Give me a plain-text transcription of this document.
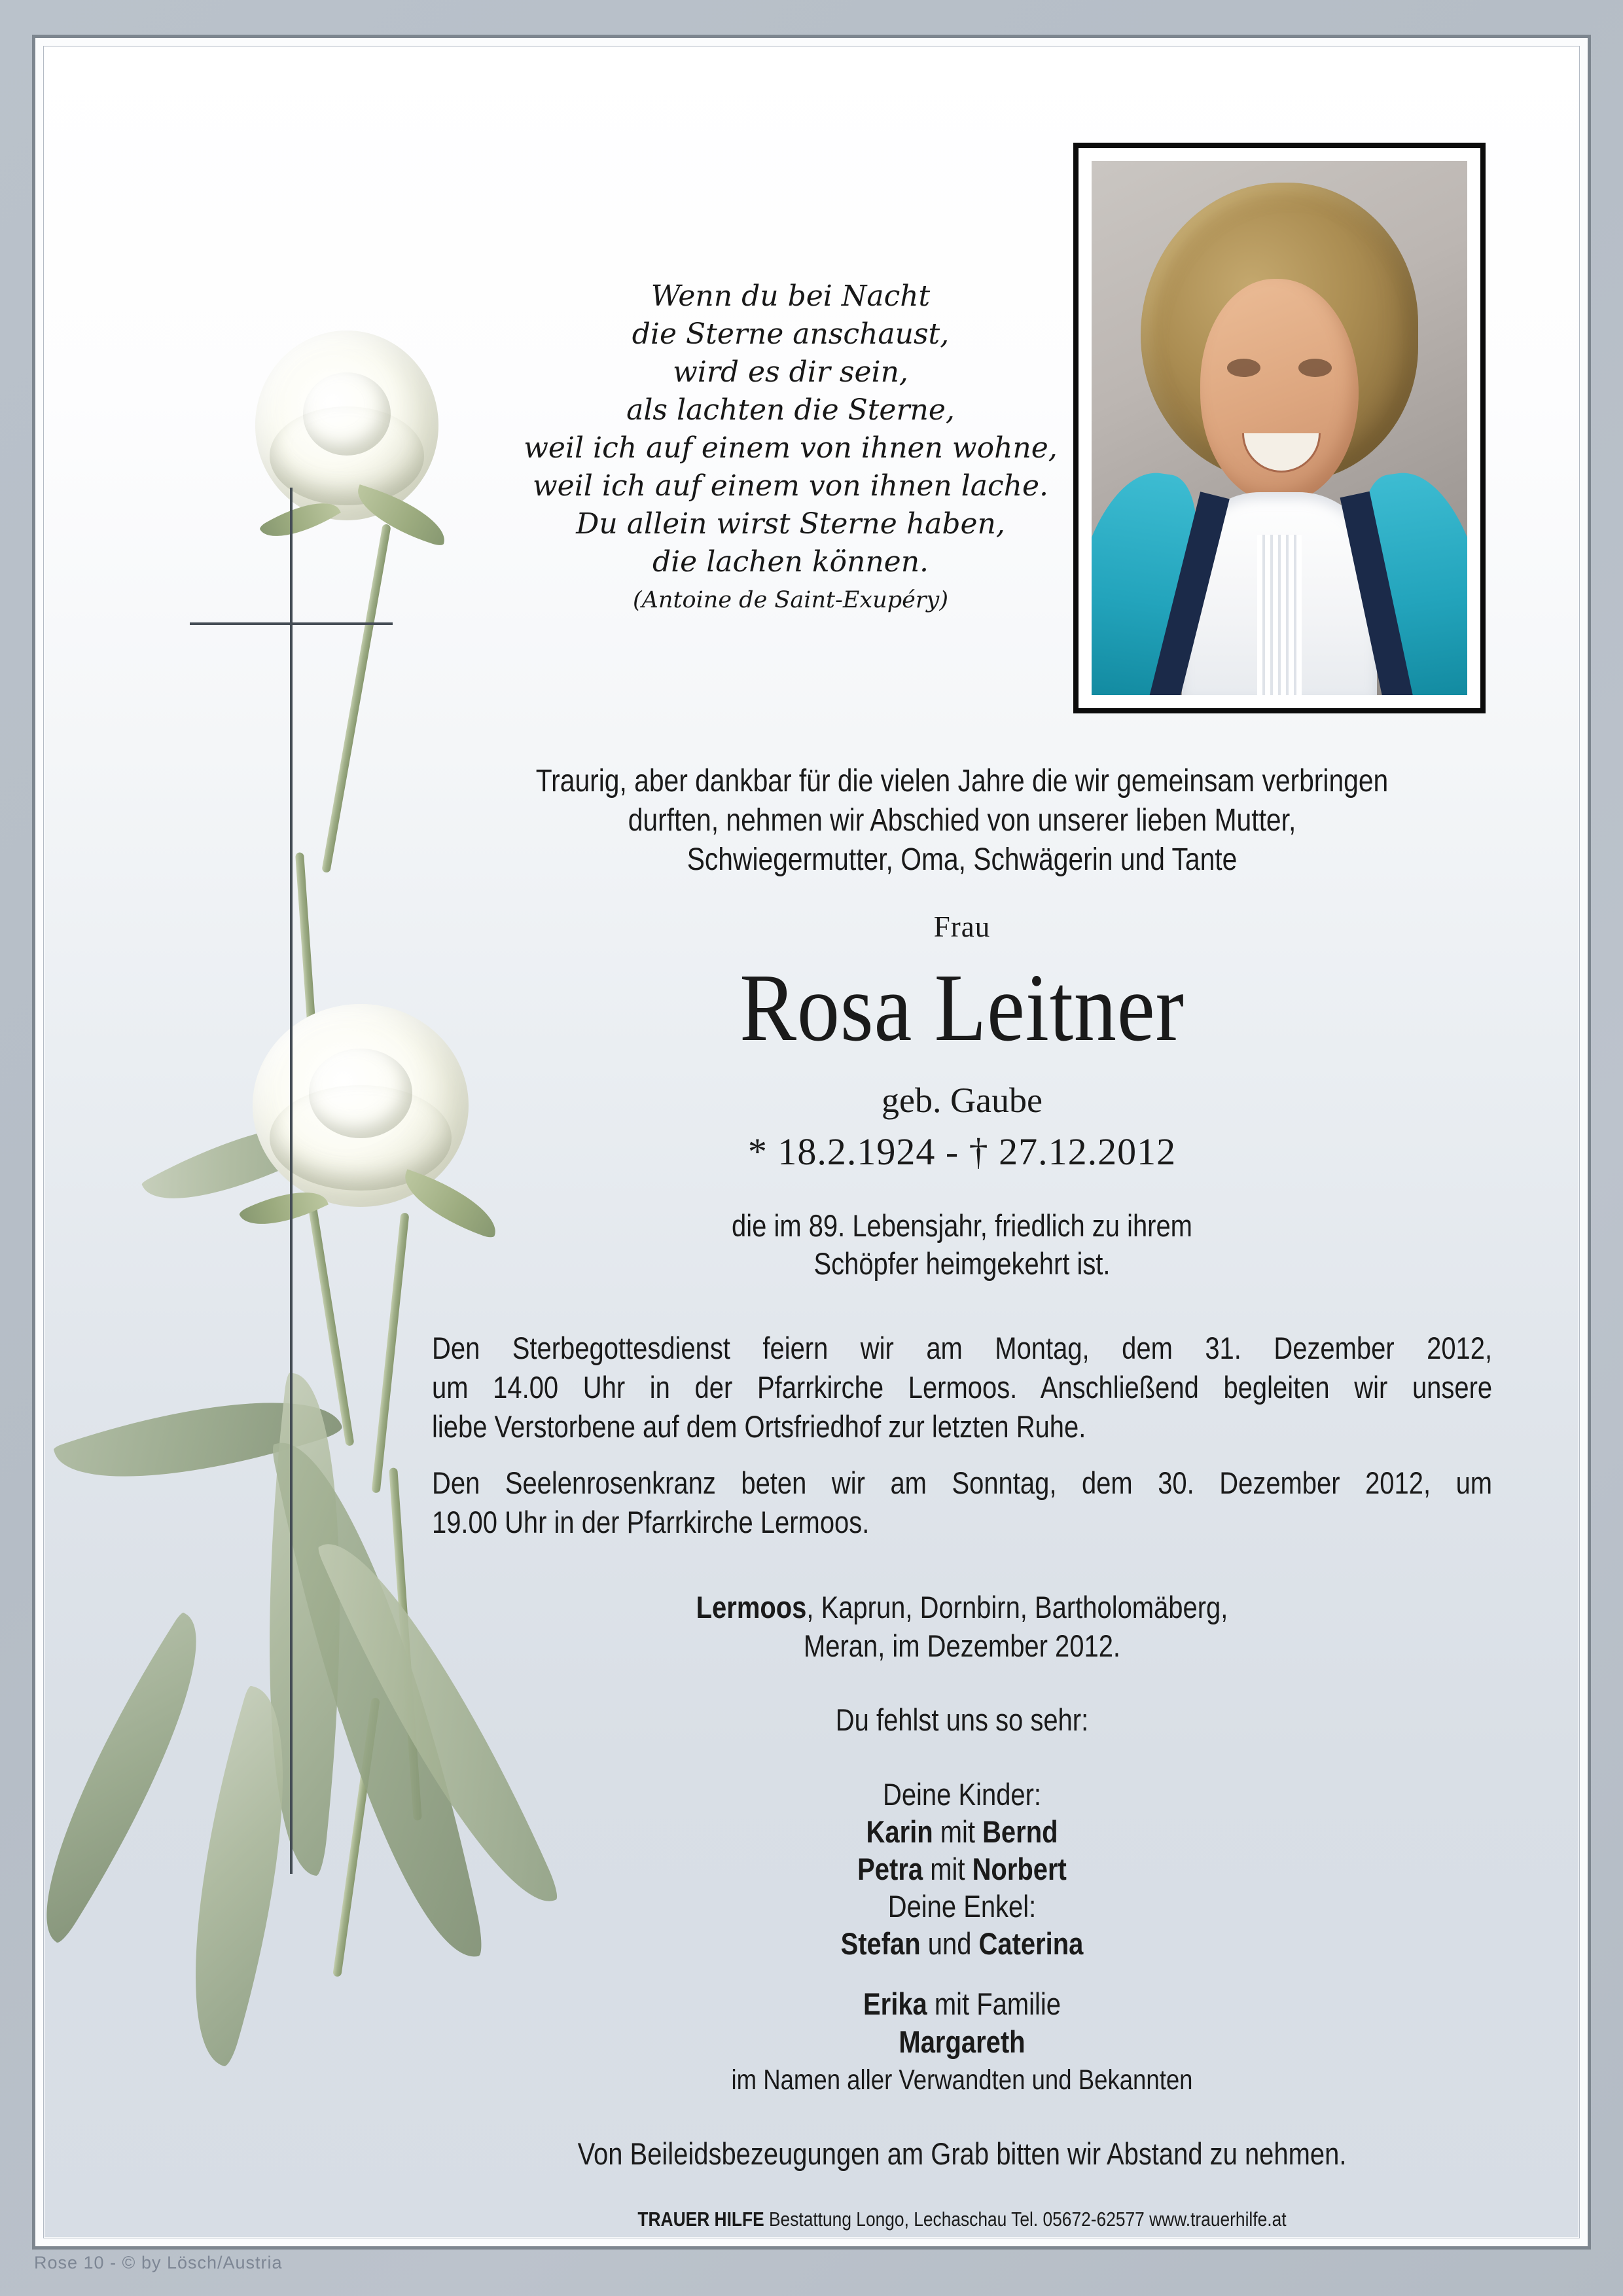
Wenn du bei Nacht
die Sterne anschaust,
wird es dir sein,
als lachten die Sterne,
weil ich auf einem von ihnen wohne,
weil ich auf einem von ihnen lache.
Du allein wirst Sterne haben,
die lachen können.
(Antoine de Saint-Exupéry)
Traurig, aber dankbar für die vielen Jahre die wir gemeinsam verbringen
durften, nehmen wir Abschied von unserer lieben Mutter,
Schwiegermutter, Oma, Schwägerin und Tante
Frau
Rosa Leitner
geb. Gaube
* 18.2.1924 - † 27.12.2012
die im 89. Lebensjahr, friedlich zu ihrem
Schöpfer heimgekehrt ist.
Den Sterbegottesdienst feiern wir am Montag, dem 31. Dezember 2012,
um 14.00 Uhr in der Pfarrkirche Lermoos. Anschließend begleiten wir unsere
liebe Verstorbene auf dem Ortsfriedhof zur letzten Ruhe.
Den Seelenrosenkranz beten wir am Sonntag, dem 30. Dezember 2012, um
19.00 Uhr in der Pfarrkirche Lermoos.
Lermoos, Kaprun, Dornbirn, Bartholomäberg,
Meran, im Dezember 2012.
Du fehlst uns so sehr:
Deine Kinder:
Karin mit Bernd
Petra mit Norbert
Deine Enkel:
Stefan und Caterina
Erika mit Familie
Margareth
im Namen aller Verwandten und Bekannten
Von Beileidsbezeugungen am Grab bitten wir Abstand zu nehmen.
TRAUER HILFE Bestattung Longo, Lechaschau Tel. 05672-62577 www.trauerhilfe.at
Rose 10 - © by Lösch/Austria
